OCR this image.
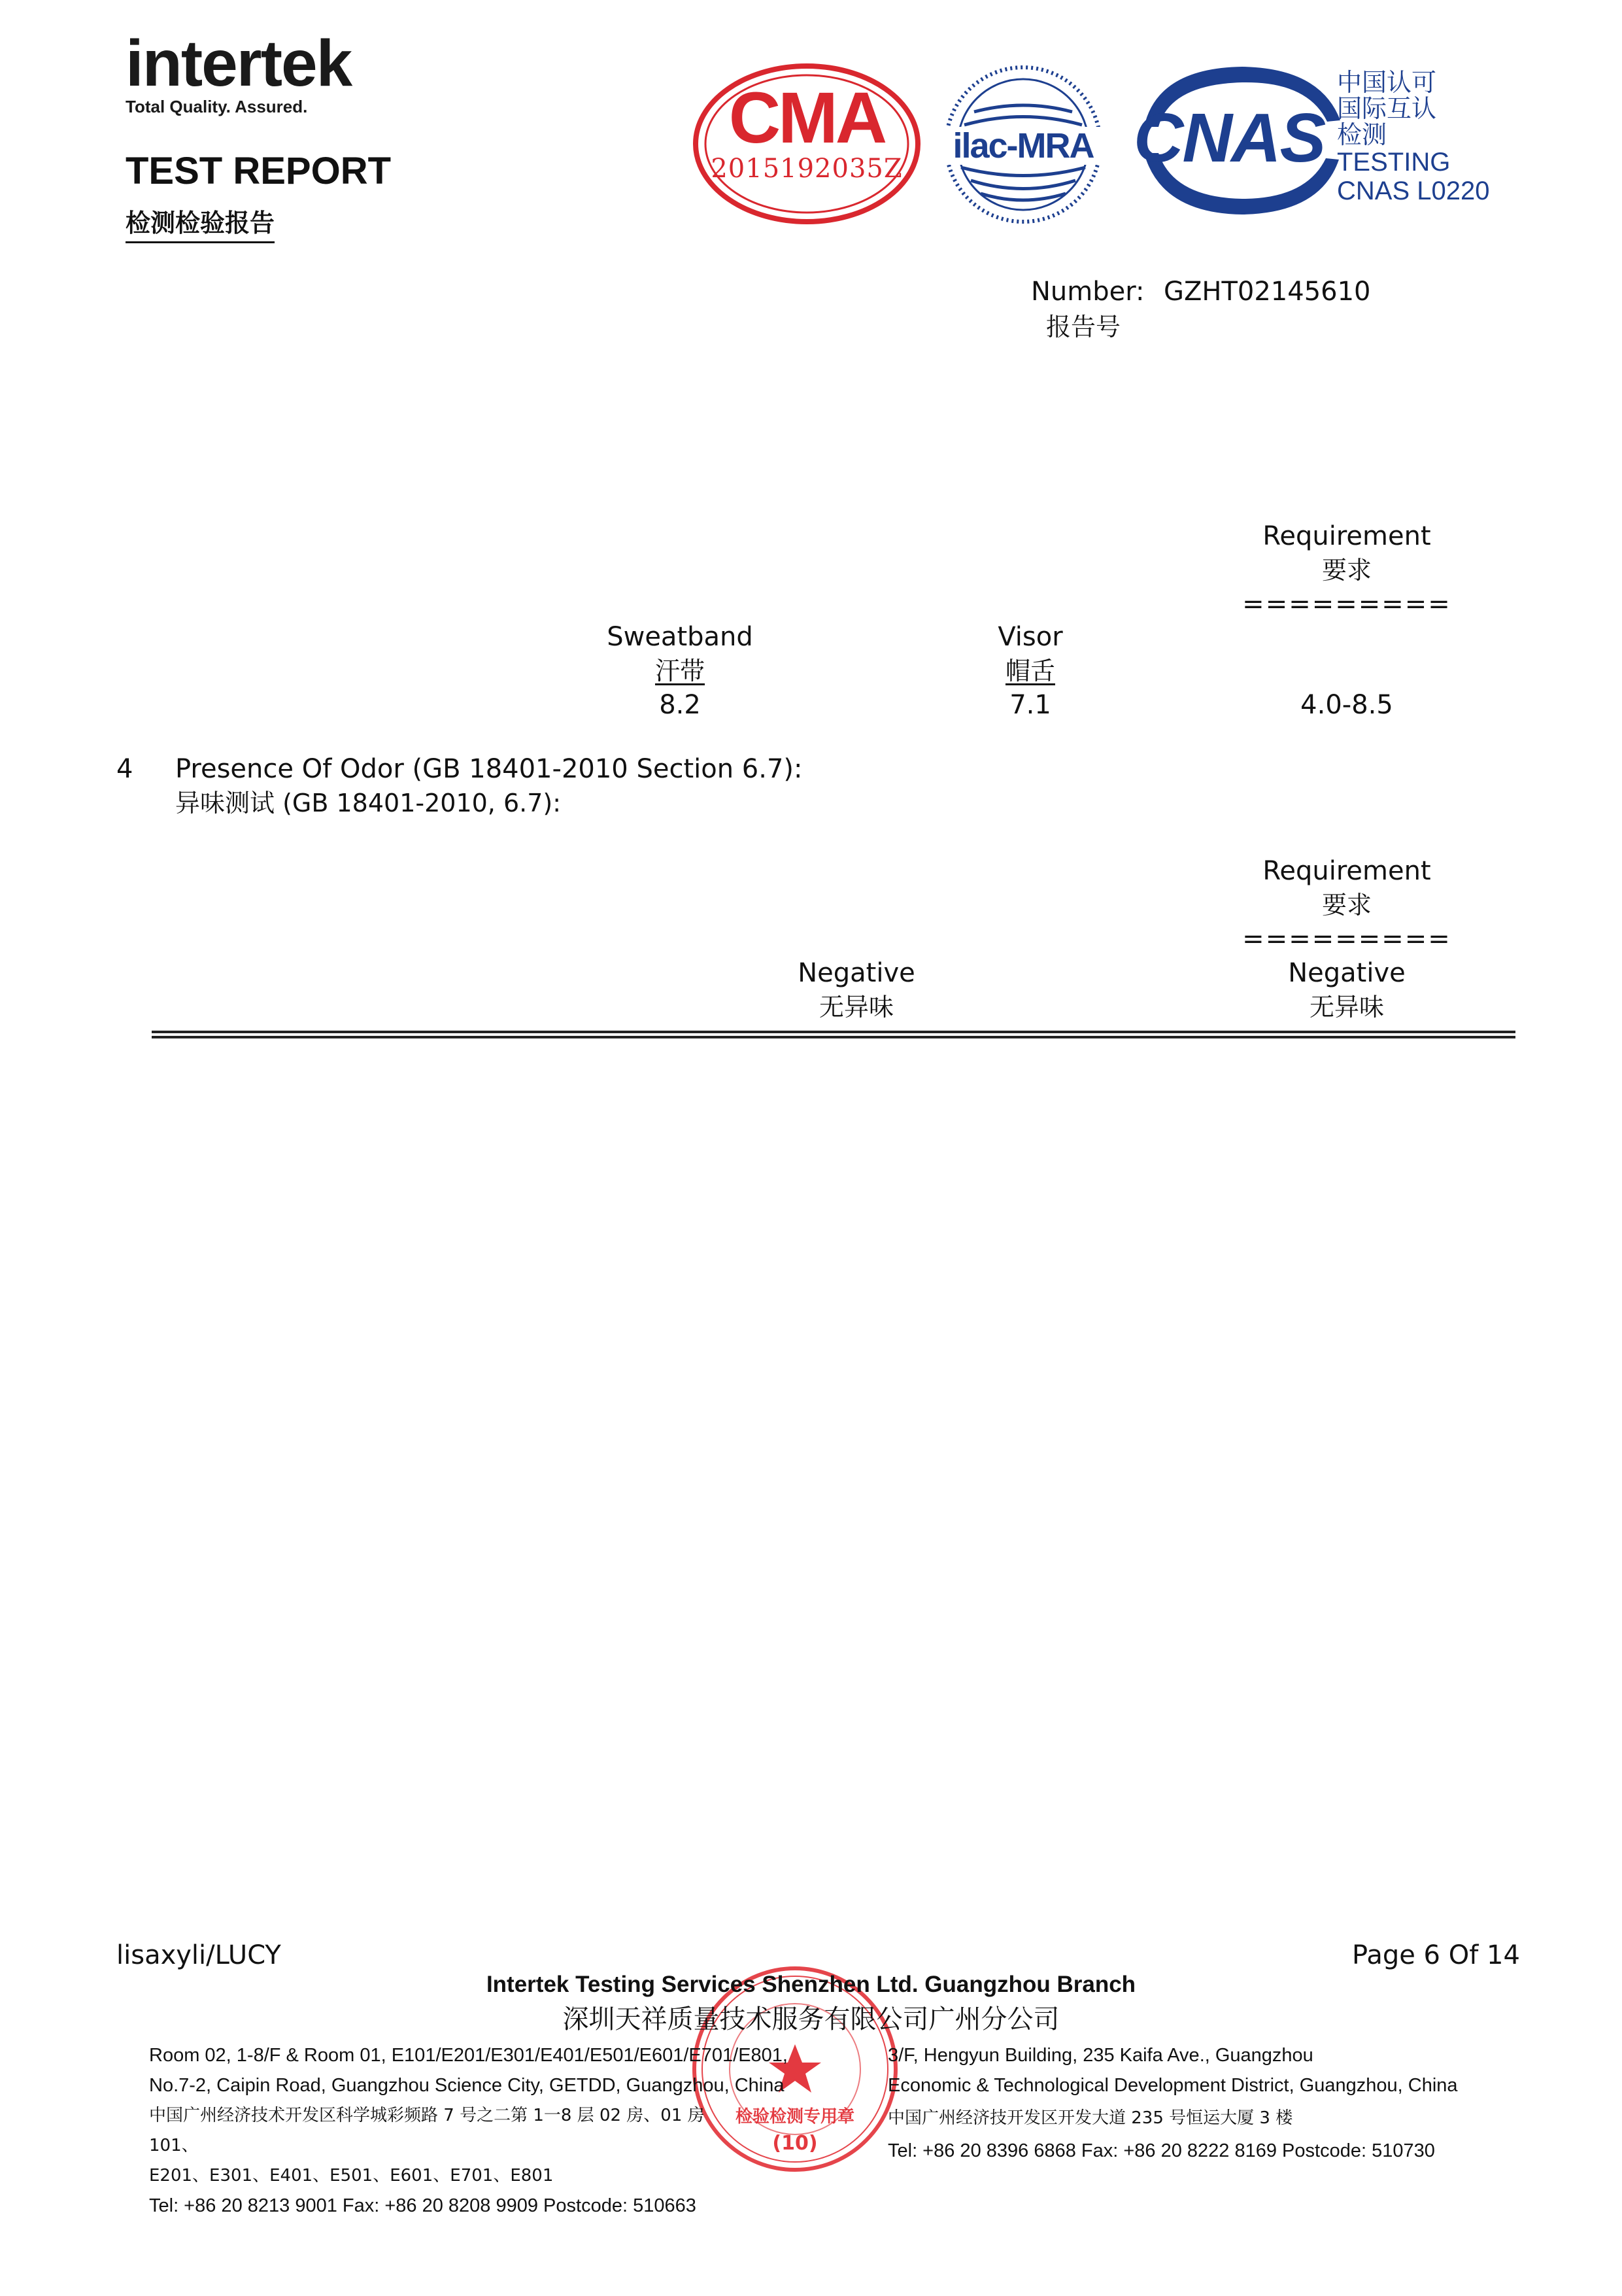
intertek
Total Quality. Assured.
TEST REPORT
检测检验报告
CMA
2015192035Z
ilac-MRA CNAS
中国认可
国际互认
检测
TESTING
CNAS L0220
Number: GZHT02145610
报告号
Requirement
要求
=========
Sweatband
汗带
8.2
Visor
帽舌
7.1	4.0-8.5
4 Presence Of Odor (GB 18401-2010 Section 6.7):
异味测试 (GB 18401-2010, 6.7):
Requirement
要求
=========
Negative
无异味
Negative
无异味
lisaxyli/LUCY	Page 6 Of 14
检验检测专用章
(10)
Intertek Testing Services Shenzhen Ltd. Guangzhou Branch
深圳天祥质量技术服务有限公司广州分公司
Room 02, 1-8/F & Room 01, E101/E201/E301/E401/E501/E601/E701/E801,
No.7-2, Caipin Road, Guangzhou Science City, GETDD, Guangzhou, China
中国广州经济技术开发区科学城彩频路 7 号之二第 1一8 层 02 房、01 房
101、
E201、E301、E401、E501、E601、E701、E801
Tel: +86 20 8213 9001 Fax: +86 20 8208 9909 Postcode: 510663
3/F, Hengyun Building, 235 Kaifa Ave., Guangzhou
Economic & Technological Development District, Guangzhou, China
中国广州经济技开发区开发大道 235 号恒运大厦 3 楼
Tel: +86 20 8396 6868 Fax: +86 20 8222 8169 Postcode: 510730
